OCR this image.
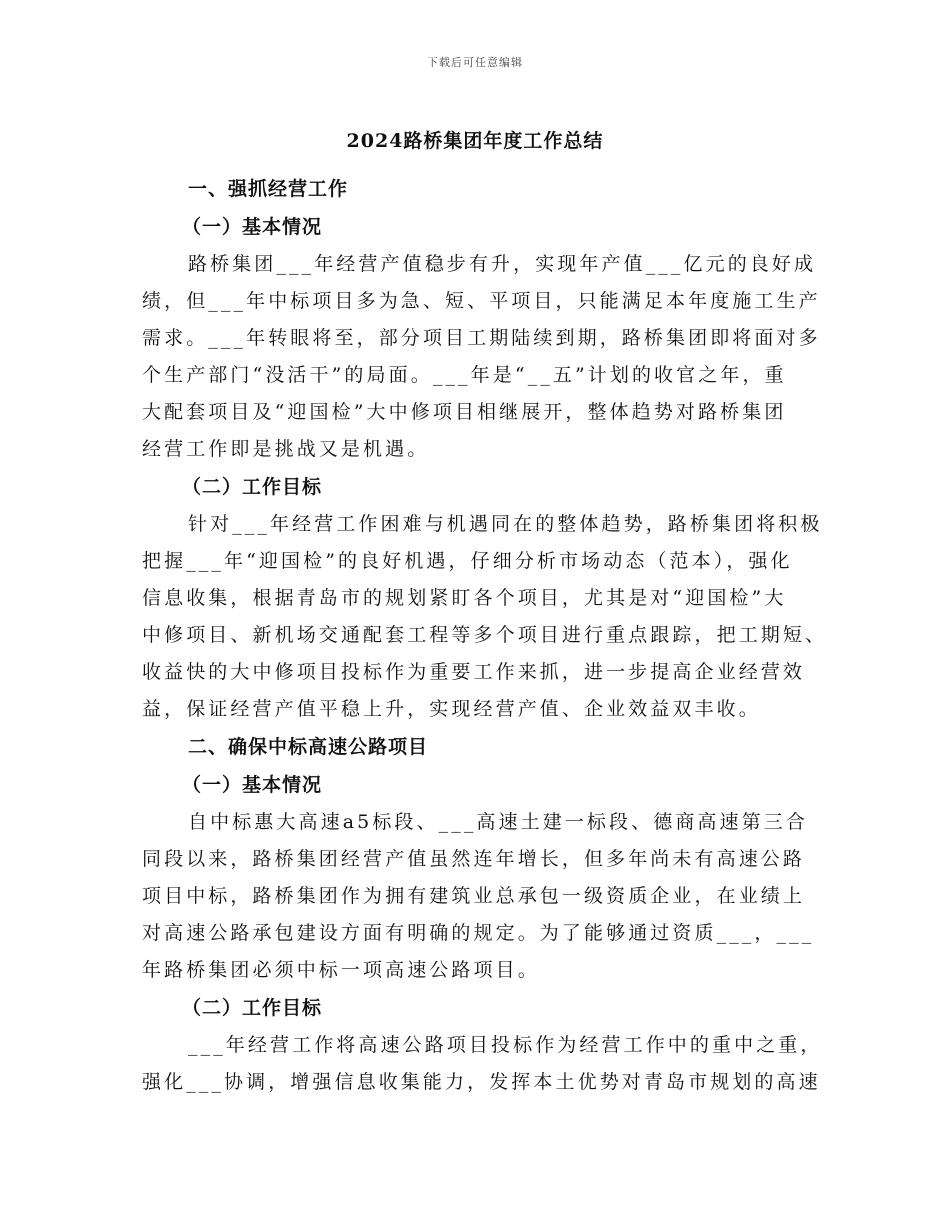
下载后可任意编辑
2024路桥集团年度工作总结
一、强抓经营工作
（一）基本情况
路桥集团___年经营产值稳步有升，实现年产值___亿元的良好成
绩，但___年中标项目多为急、短、平项目，只能满足本年度施工生产
需求。___年转眼将至，部分项目工期陆续到期，路桥集团即将面对多
个生产部门“没活干”的局面。___年是“__五”计划的收官之年，重
大配套项目及“迎国检”大中修项目相继展开，整体趋势对路桥集团
经营工作即是挑战又是机遇。
（二）工作目标
针对___年经营工作困难与机遇同在的整体趋势，路桥集团将积极
把握___年“迎国检”的良好机遇，仔细分析市场动态（范本），强化
信息收集，根据青岛市的规划紧盯各个项目，尤其是对“迎国检”大
中修项目、新机场交通配套工程等多个项目进行重点跟踪，把工期短、
收益快的大中修项目投标作为重要工作来抓，进一步提高企业经营效
益，保证经营产值平稳上升，实现经营产值、企业效益双丰收。
二、确保中标高速公路项目
（一）基本情况
自中标惠大高速a5标段、___高速土建一标段、德商高速第三合
同段以来，路桥集团经营产值虽然连年增长，但多年尚未有高速公路
项目中标，路桥集团作为拥有建筑业总承包一级资质企业，在业绩上
对高速公路承包建设方面有明确的规定。为了能够通过资质___，___
年路桥集团必须中标一项高速公路项目。
（二）工作目标
___年经营工作将高速公路项目投标作为经营工作中的重中之重，
强化___协调，增强信息收集能力，发挥本土优势对青岛市规划的高速
